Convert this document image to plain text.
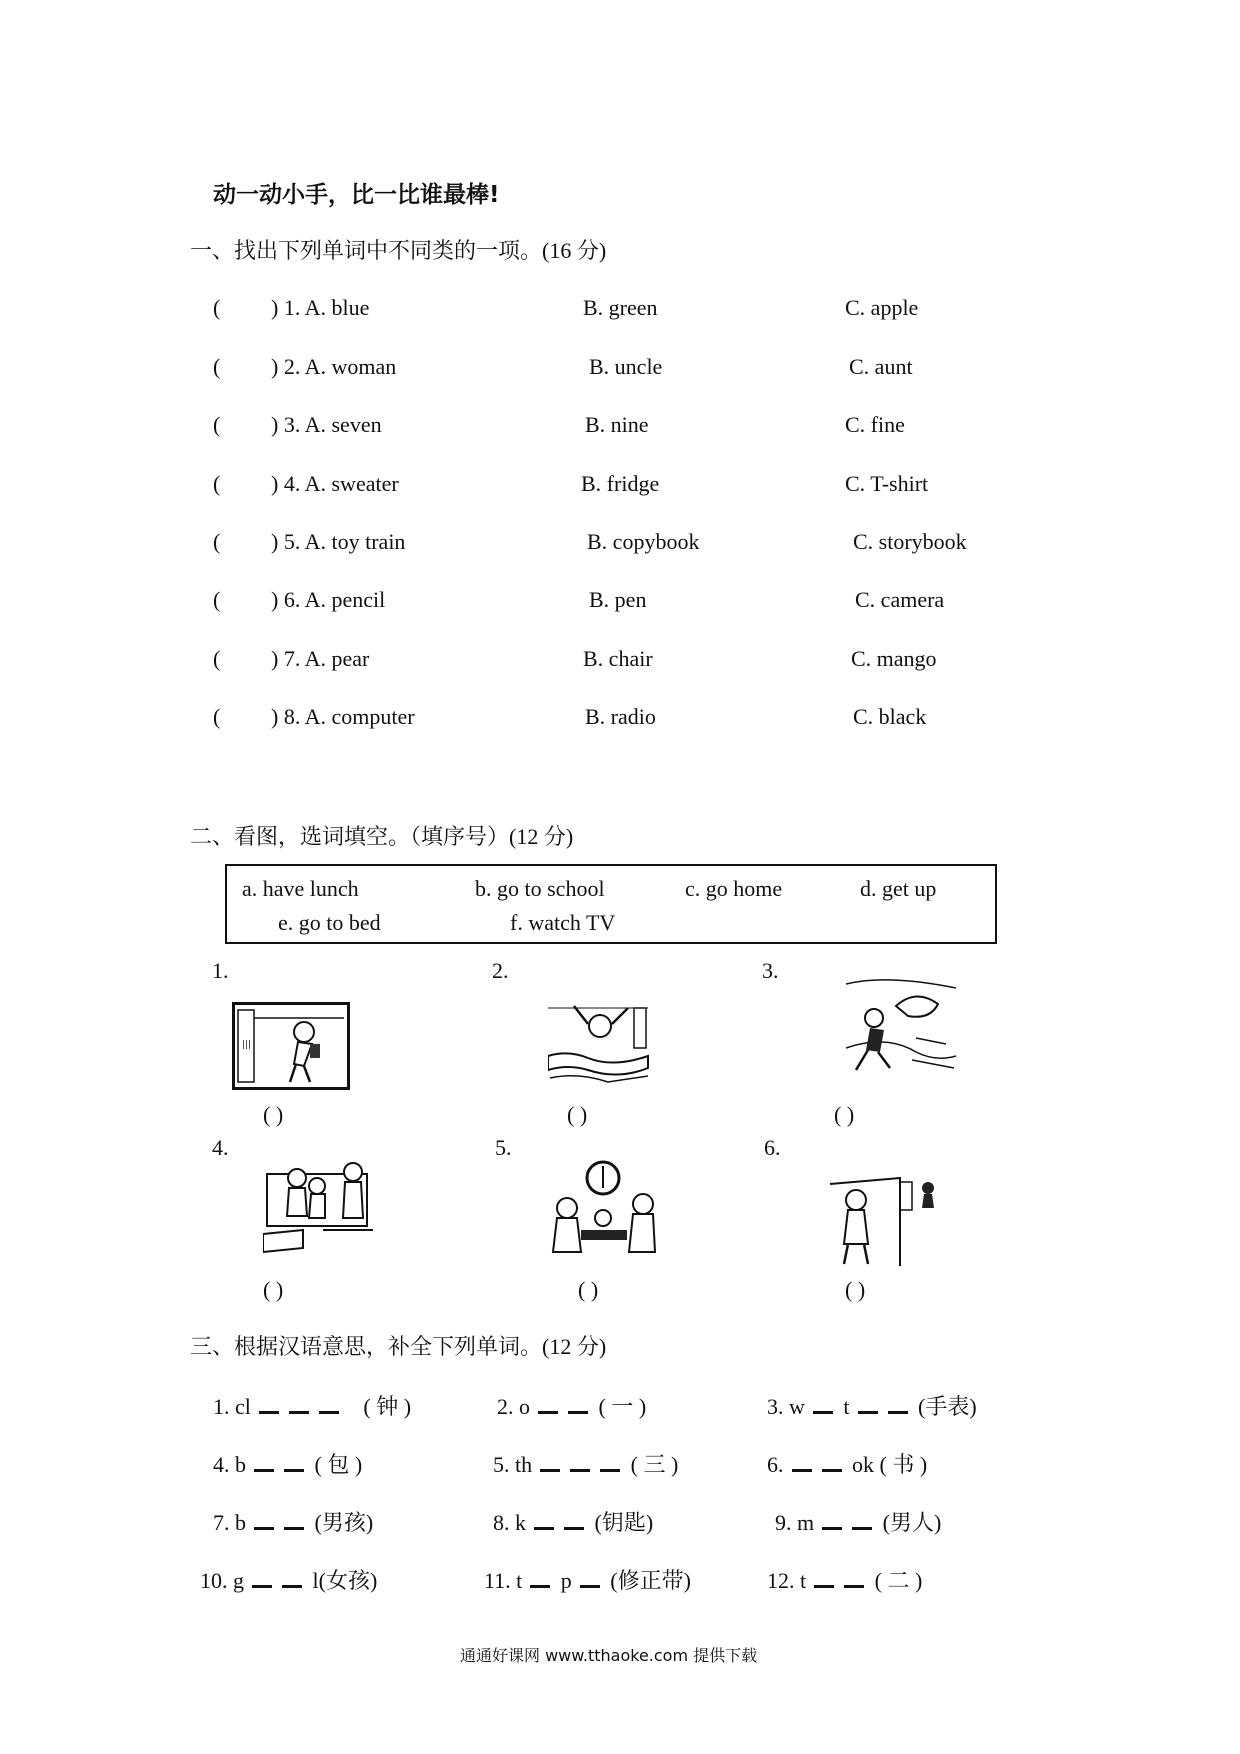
动一动小手，比一比谁最棒!
一、找出下列单词中不同类的一项。(16 分)
( ) 1. A. blue	B. green	C. apple
( ) 2. A. woman	B. uncle	C. aunt
( ) 3. A. seven	B. nine	C. fine
( ) 4. A. sweater	B. fridge	C. T-shirt
( ) 5. A. toy train	B. copybook	C. storybook
( ) 6. A. pencil	B. pen	C. camera
( ) 7. A. pear	B. chair	C. mango
( ) 8. A. computer	B. radio	C. black
二、看图，选词填空。（填序号）(12 分)
a. have lunch	b. go to school	c. go home	d. get up
e. go to bed	f. watch TV
1.	2.	3.
4.	5.	6.
|||
( )	( )	( )
( )	( )	( )
三、根据汉语意思，补全下列单词。(12 分)
1. cl	( 钟 )	2. o	( 一 )	3. w t	(手表)
4. b	( 包 )	5. th	( 三 )	6.	ok ( 书 )
7. b	(男孩)	8. k	(钥匙)	9. m	(男人)
10. g	l(女孩)	11. t p (修正带)	12. t	( 二 )
通通好课网 www.tthaoke.com 提供下载
